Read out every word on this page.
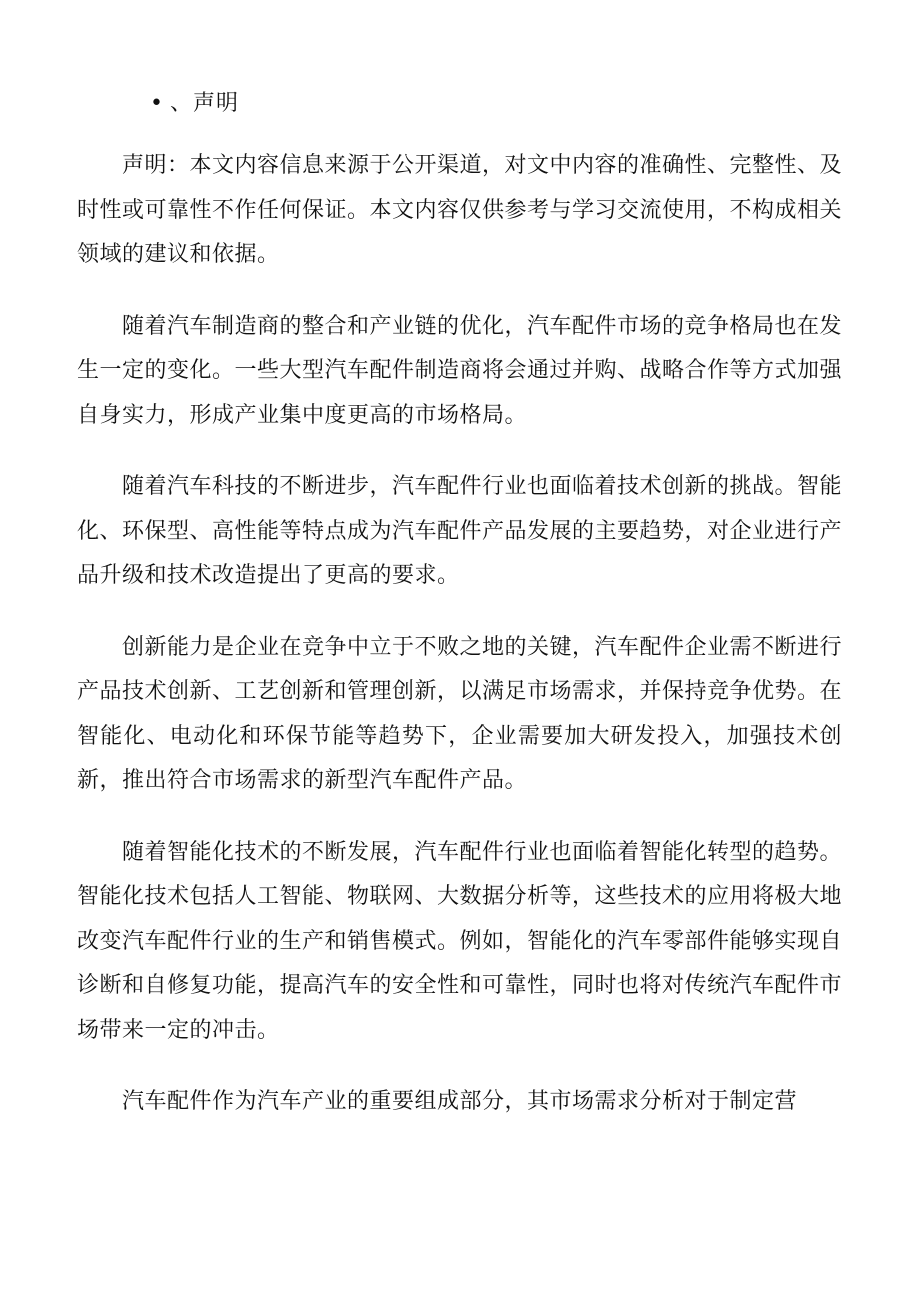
• 、声明

声明：本文内容信息来源于公开渠道，对文中内容的准确性、完整性、及时性或可靠性不作任何保证。本文内容仅供参考与学习交流使用，不构成相关领域的建议和依据。

随着汽车制造商的整合和产业链的优化，汽车配件市场的竞争格局也在发生一定的变化。一些大型汽车配件制造商将会通过并购、战略合作等方式加强自身实力，形成产业集中度更高的市场格局。

随着汽车科技的不断进步，汽车配件行业也面临着技术创新的挑战。智能化、环保型、高性能等特点成为汽车配件产品发展的主要趋势，对企业进行产品升级和技术改造提出了更高的要求。

创新能力是企业在竞争中立于不败之地的关键，汽车配件企业需不断进行产品技术创新、工艺创新和管理创新，以满足市场需求，并保持竞争优势。在智能化、电动化和环保节能等趋势下，企业需要加大研发投入，加强技术创新，推出符合市场需求的新型汽车配件产品。

随着智能化技术的不断发展，汽车配件行业也面临着智能化转型的趋势。智能化技术包括人工智能、物联网、大数据分析等，这些技术的应用将极大地改变汽车配件行业的生产和销售模式。例如，智能化的汽车零部件能够实现自诊断和自修复功能，提高汽车的安全性和可靠性，同时也将对传统汽车配件市场带来一定的冲击。

汽车配件作为汽车产业的重要组成部分，其市场需求分析对于制定营
